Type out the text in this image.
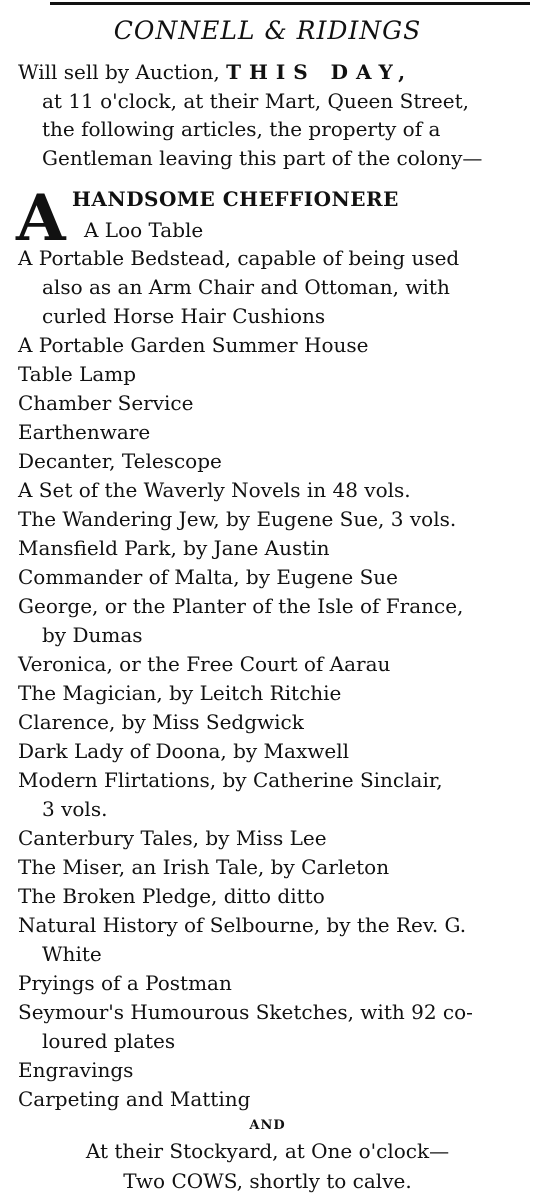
CONNELL & RIDINGS
Will sell by Auction, THIS DAY,
at 11 o'clock, at their Mart, Queen Street,
the following articles, the property of a
Gentleman leaving this part of the colony—
A HANDSOME CHEFFIONERE
A Loo Table
A Portable Bedstead, capable of being used
also as an Arm Chair and Ottoman, with
curled Horse Hair Cushions
A Portable Garden Summer House
Table Lamp
Chamber Service
Earthenware
Decanter, Telescope
A Set of the Waverly Novels in 48 vols.
The Wandering Jew, by Eugene Sue, 3 vols.
Mansfield Park, by Jane Austin
Commander of Malta, by Eugene Sue
George, or the Planter of the Isle of France,
by Dumas
Veronica, or the Free Court of Aarau
The Magician, by Leitch Ritchie
Clarence, by Miss Sedgwick
Dark Lady of Doona, by Maxwell
Modern Flirtations, by Catherine Sinclair,
3 vols.
Canterbury Tales, by Miss Lee
The Miser, an Irish Tale, by Carleton
The Broken Pledge, ditto ditto
Natural History of Selbourne, by the Rev. G.
White
Pryings of a Postman
Seymour's Humourous Sketches, with 92 co-
loured plates
Engravings
Carpeting and Matting
AND
At their Stockyard, at One o'clock—
Two COWS, shortly to calve.
